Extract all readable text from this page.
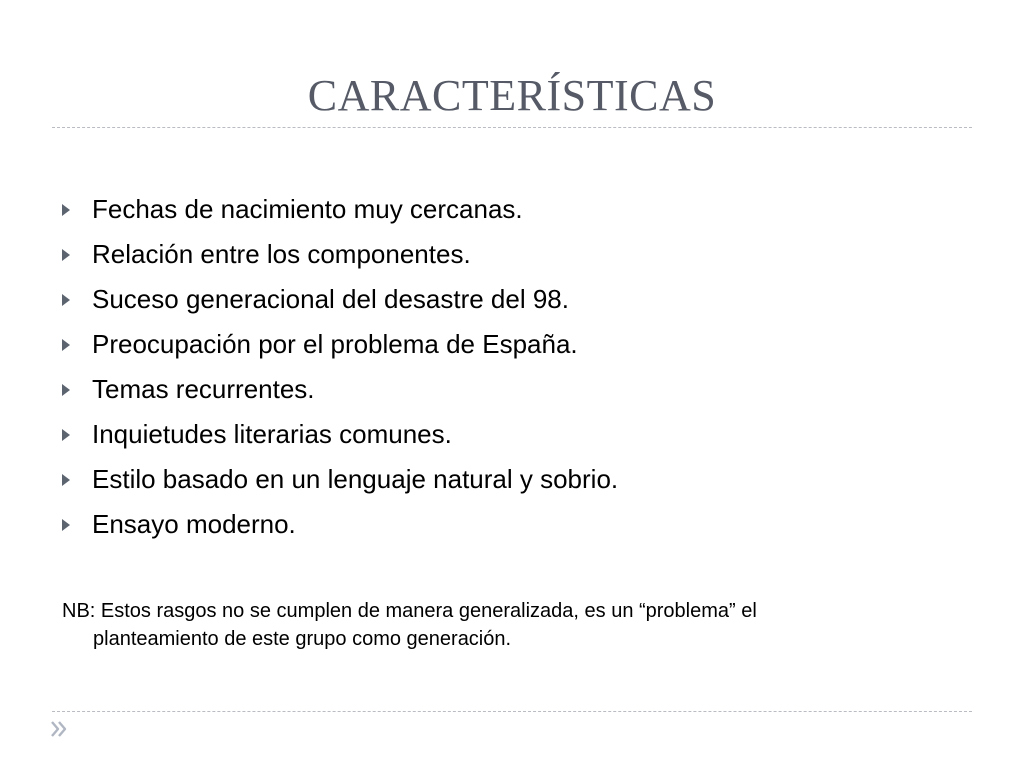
CARACTERÍSTICAS
Fechas de nacimiento muy cercanas.
Relación entre los componentes.
Suceso generacional del desastre del 98.
Preocupación por el problema de España.
Temas recurrentes.
Inquietudes literarias comunes.
Estilo basado en un lenguaje natural y sobrio.
Ensayo moderno.
NB: Estos rasgos no se cumplen de manera generalizada, es un “problema” el
planteamiento de este grupo como generación.
